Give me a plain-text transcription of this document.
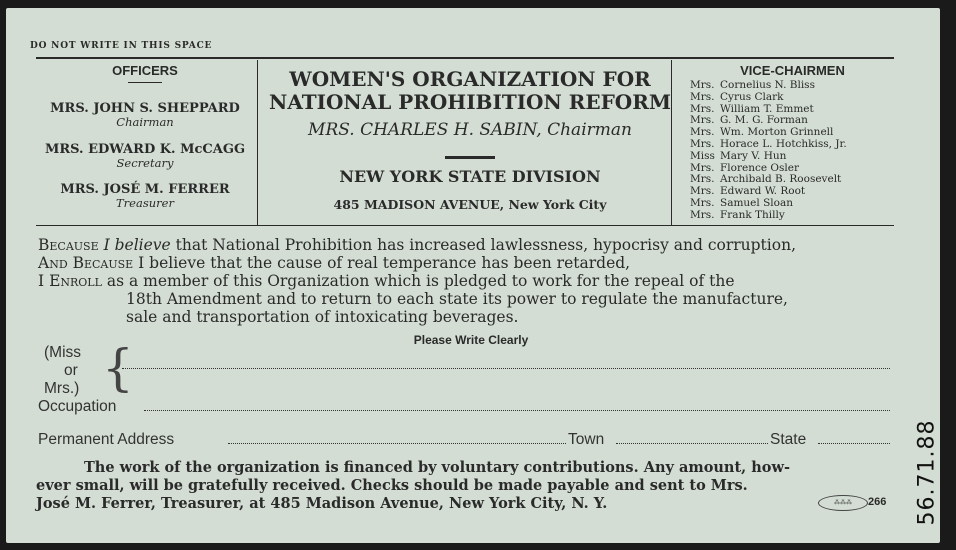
DO NOT WRITE IN THIS SPACE
OFFICERS
MRS. JOHN S. SHEPPARD
Chairman
MRS. EDWARD K. McCAGG
Secretary
MRS. JOSÉ M. FERRER
Treasurer
WOMEN'S ORGANIZATION FOR
NATIONAL PROHIBITION REFORM
MRS. CHARLES H. SABIN, Chairman
NEW YORK STATE DIVISION
485 MADISON AVENUE, New York City
VICE-CHAIRMEN
Mrs. Cornelius N. Bliss
Mrs. Cyrus Clark
Mrs. William T. Emmet
Mrs. G. M. G. Forman
Mrs. Wm. Morton Grinnell
Mrs. Horace L. Hotchkiss, Jr.
Miss Mary V. Hun
Mrs. Florence Osler
Mrs. Archibald B. Roosevelt
Mrs. Edward W. Root
Mrs. Samuel Sloan
Mrs. Frank Thilly
Because I believe that National Prohibition has increased lawlessness, hypocrisy and corruption,
And Because I believe that the cause of real temperance has been retarded,
I Enroll as a member of this Organization which is pledged to work for the repeal of the
18th Amendment and to return to each state its power to regulate the manufacture,
sale and transportation of intoxicating beverages.
Please Write Clearly
(Miss
or
Mrs.) {
Occupation
Permanent Address	Town	State
The work of the organization is financed by voluntary contributions. Any amount, how-
ever small, will be gratefully received. Checks should be made payable and sent to Mrs.
José M. Ferrer, Treasurer, at 485 Madison Avenue, New York City, N. Y.	⁂⁂⁂	266 56.71.88
